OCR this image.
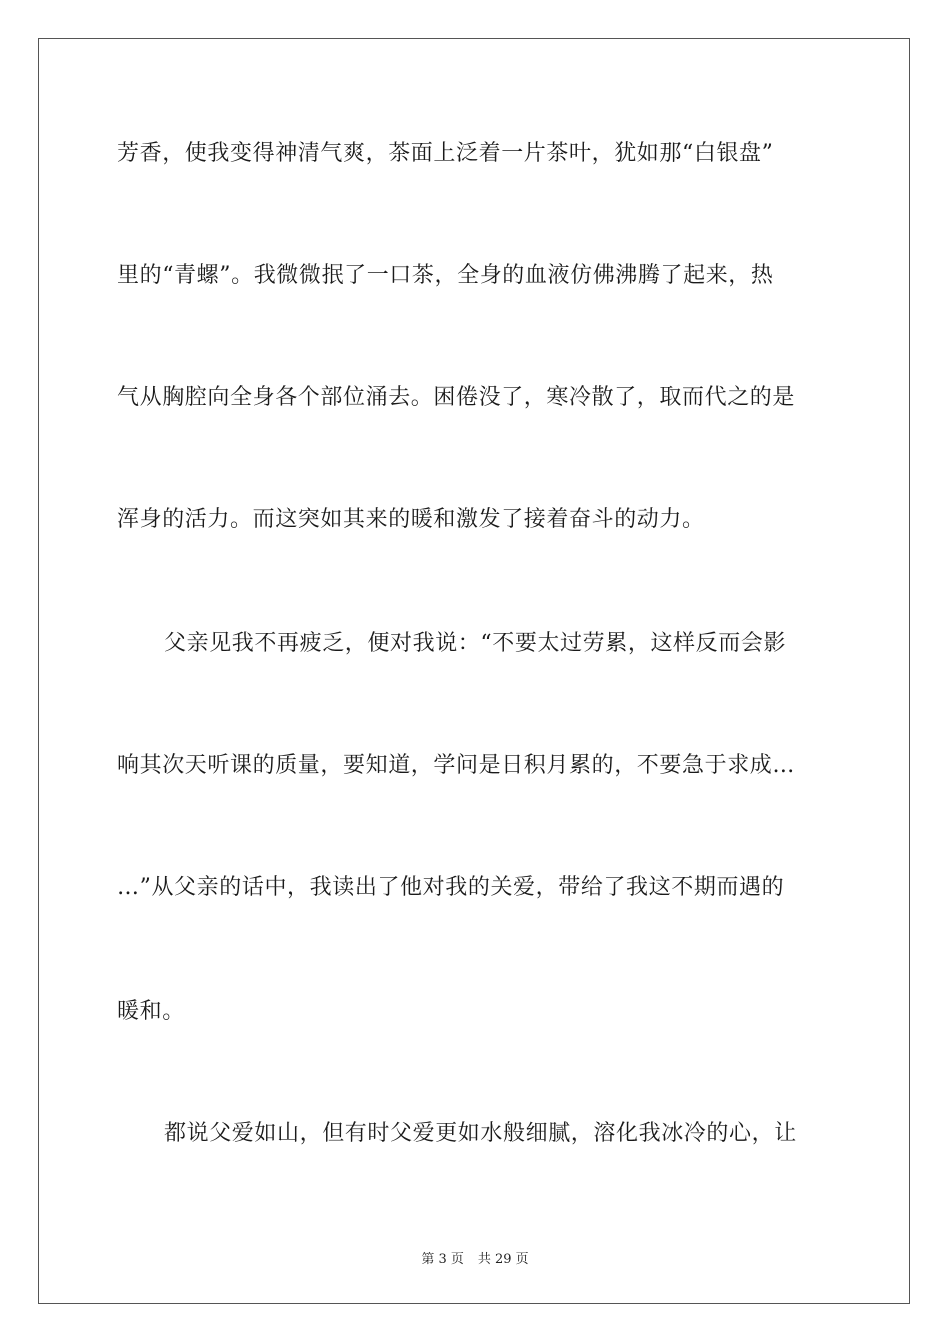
芳香，使我变得神清气爽，茶面上泛着一片茶叶，犹如那“白银盘”
里的“青螺”。我微微抿了一口茶，全身的血液仿佛沸腾了起来，热
气从胸腔向全身各个部位涌去。困倦没了，寒冷散了，取而代之的是
浑身的活力。而这突如其来的暖和激发了接着奋斗的动力。
父亲见我不再疲乏，便对我说：“不要太过劳累，这样反而会影
响其次天听课的质量，要知道，学问是日积月累的，不要急于求成…
…”从父亲的话中，我读出了他对我的关爱，带给了我这不期而遇的
暖和。
都说父爱如山，但有时父爱更如水般细腻，溶化我冰冷的心，让
第 3 页 共 29 页
